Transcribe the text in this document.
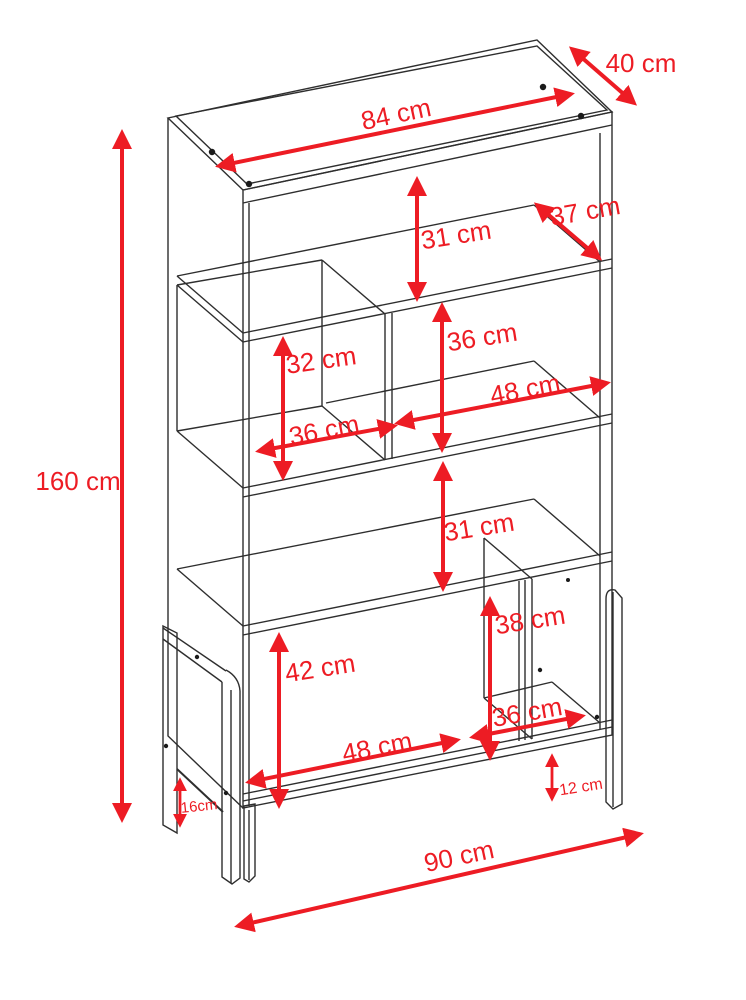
84 cm
40 cm
37 cm
31 cm
32 cm
36 cm
48 cm
36 cm
31 cm
38 cm
42 cm
36 cm
48 cm
12 cm
16cm
160 cm
90 cm
